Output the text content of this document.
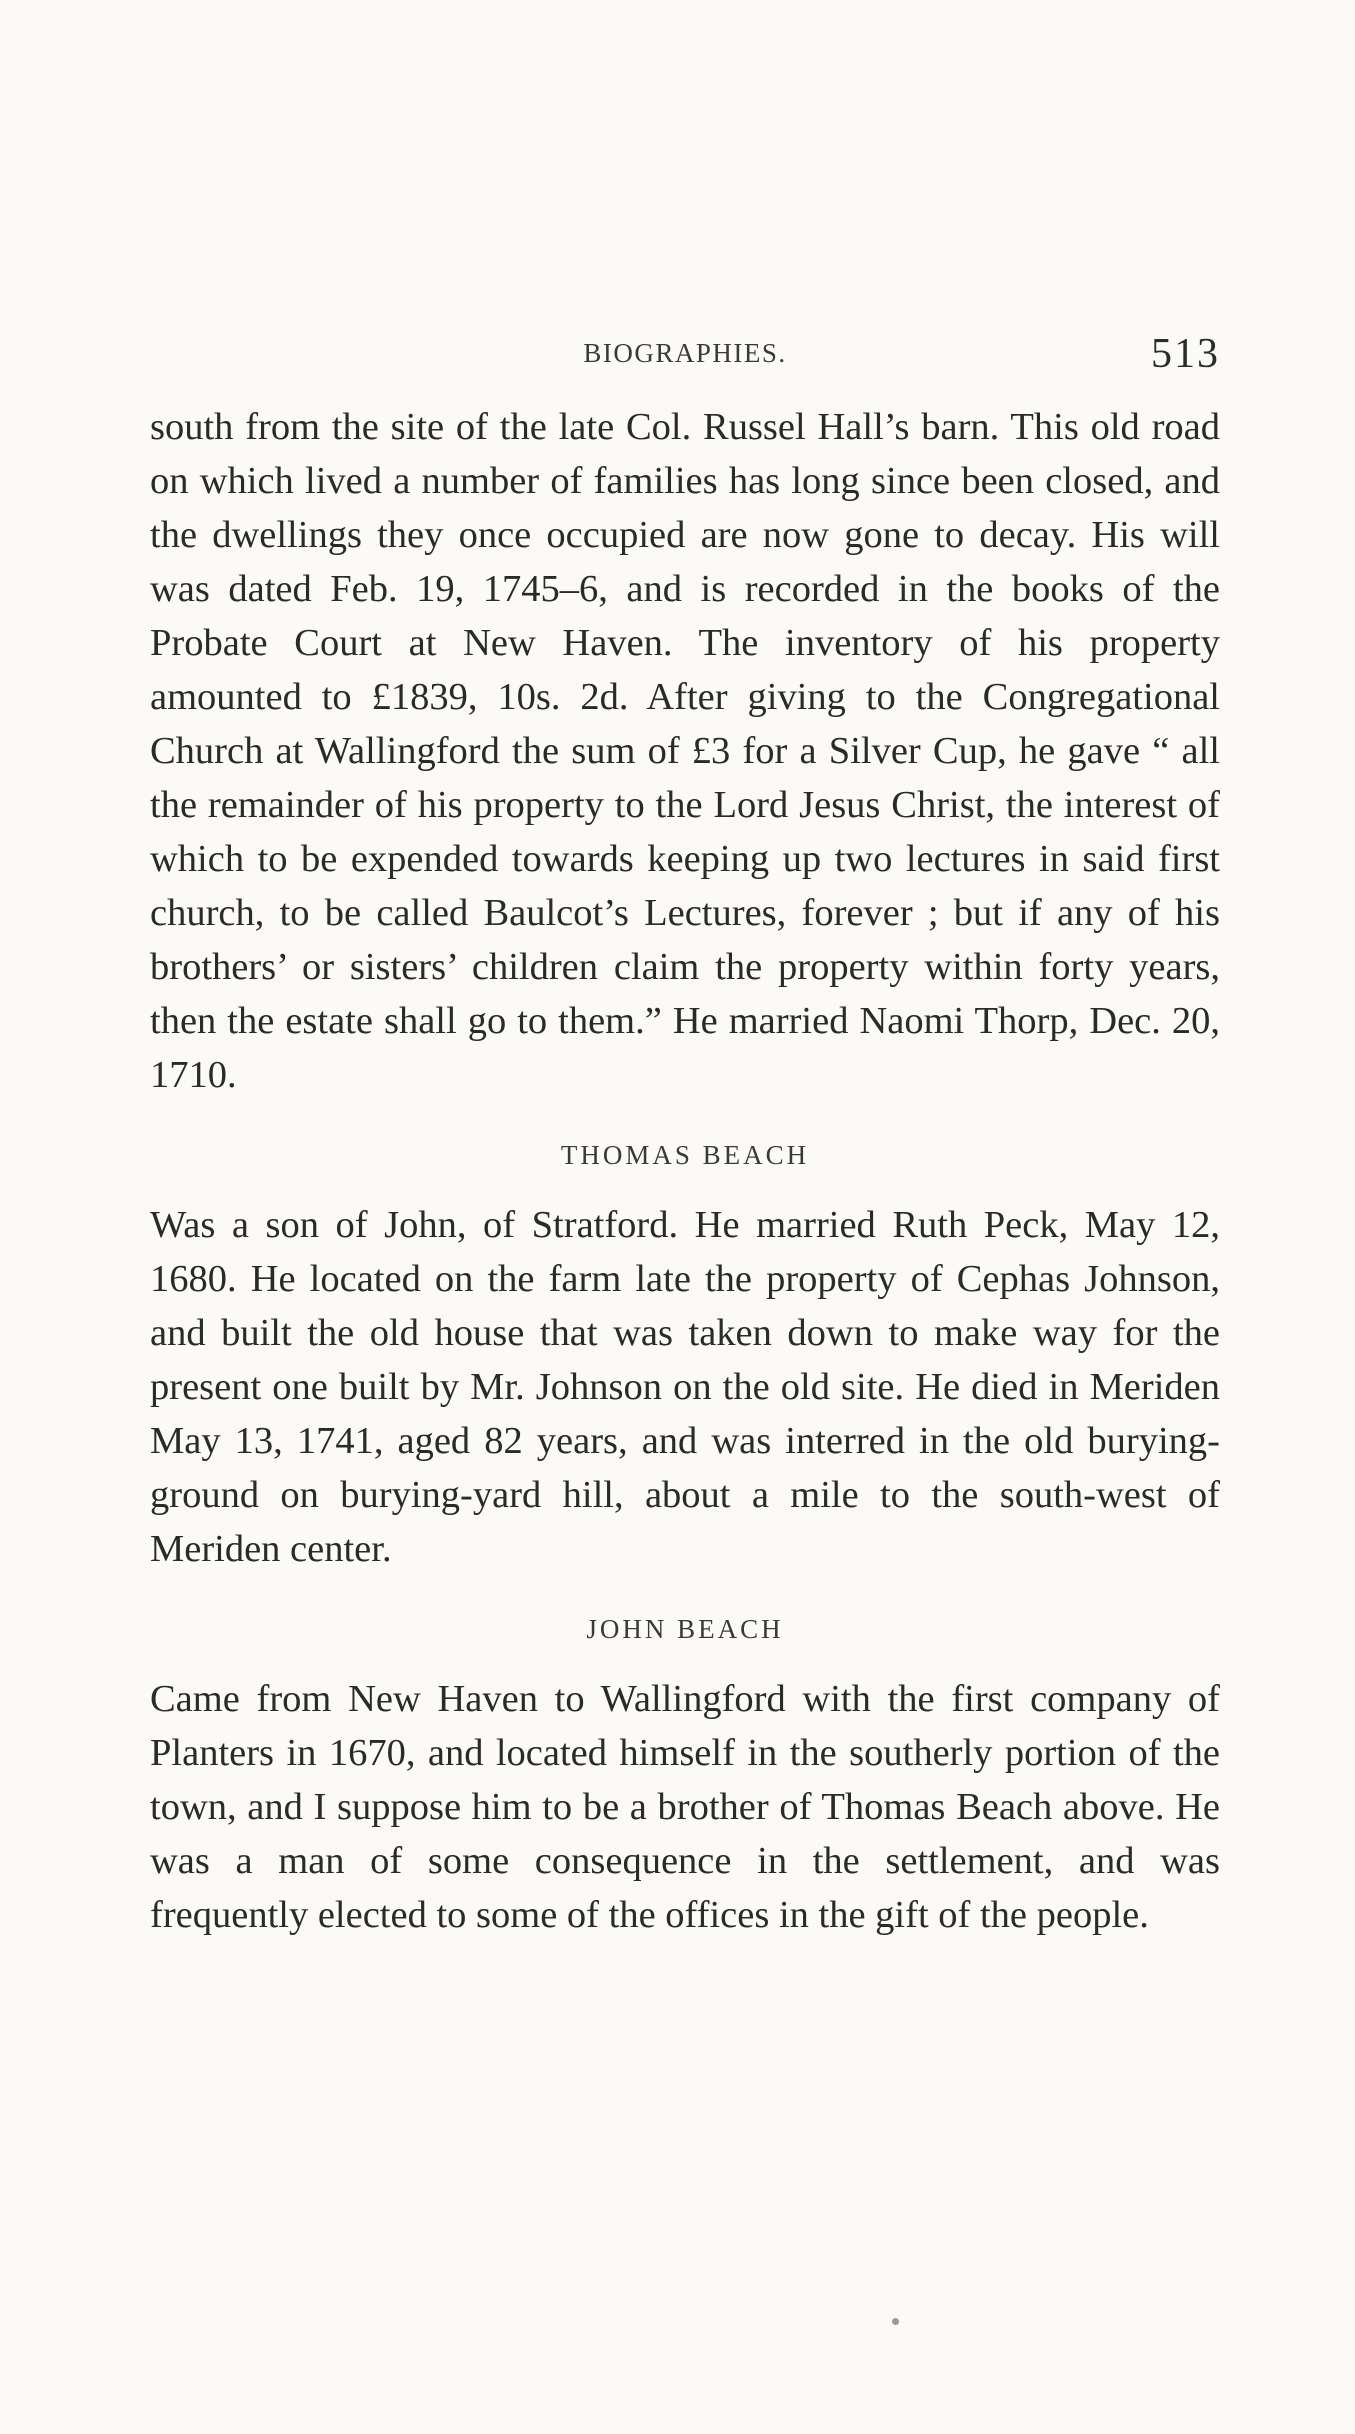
BIOGRAPHIES.	513

south from the site of the late Col. Russel Hall’s barn. This old road on which lived a number of families has long since been closed, and the dwellings they once occupied are now gone to decay. His will was dated Feb. 19, 1745–6, and is recorded in the books of the Probate Court at New Haven. The inventory of his property amounted to £1839, 10s. 2d. After giving to the Congregational Church at Wallingford the sum of £3 for a Silver Cup, he gave “ all the remainder of his property to the Lord Jesus Christ, the interest of which to be expended towards keeping up two lectures in said first church, to be called Baulcot’s Lectures, forever ; but if any of his brothers’ or sisters’ children claim the property within forty years, then the estate shall go to them.” He married Naomi Thorp, Dec. 20, 1710.

THOMAS BEACH

Was a son of John, of Stratford. He married Ruth Peck, May 12, 1680. He located on the farm late the property of Cephas Johnson, and built the old house that was taken down to make way for the present one built by Mr. Johnson on the old site. He died in Meriden May 13, 1741, aged 82 years, and was interred in the old burying-ground on burying-yard hill, about a mile to the south-west of Meriden center.

JOHN BEACH

Came from New Haven to Wallingford with the first company of Planters in 1670, and located himself in the southerly portion of the town, and I suppose him to be a brother of Thomas Beach above. He was a man of some consequence in the settlement, and was frequently elected to some of the offices in the gift of the people.
